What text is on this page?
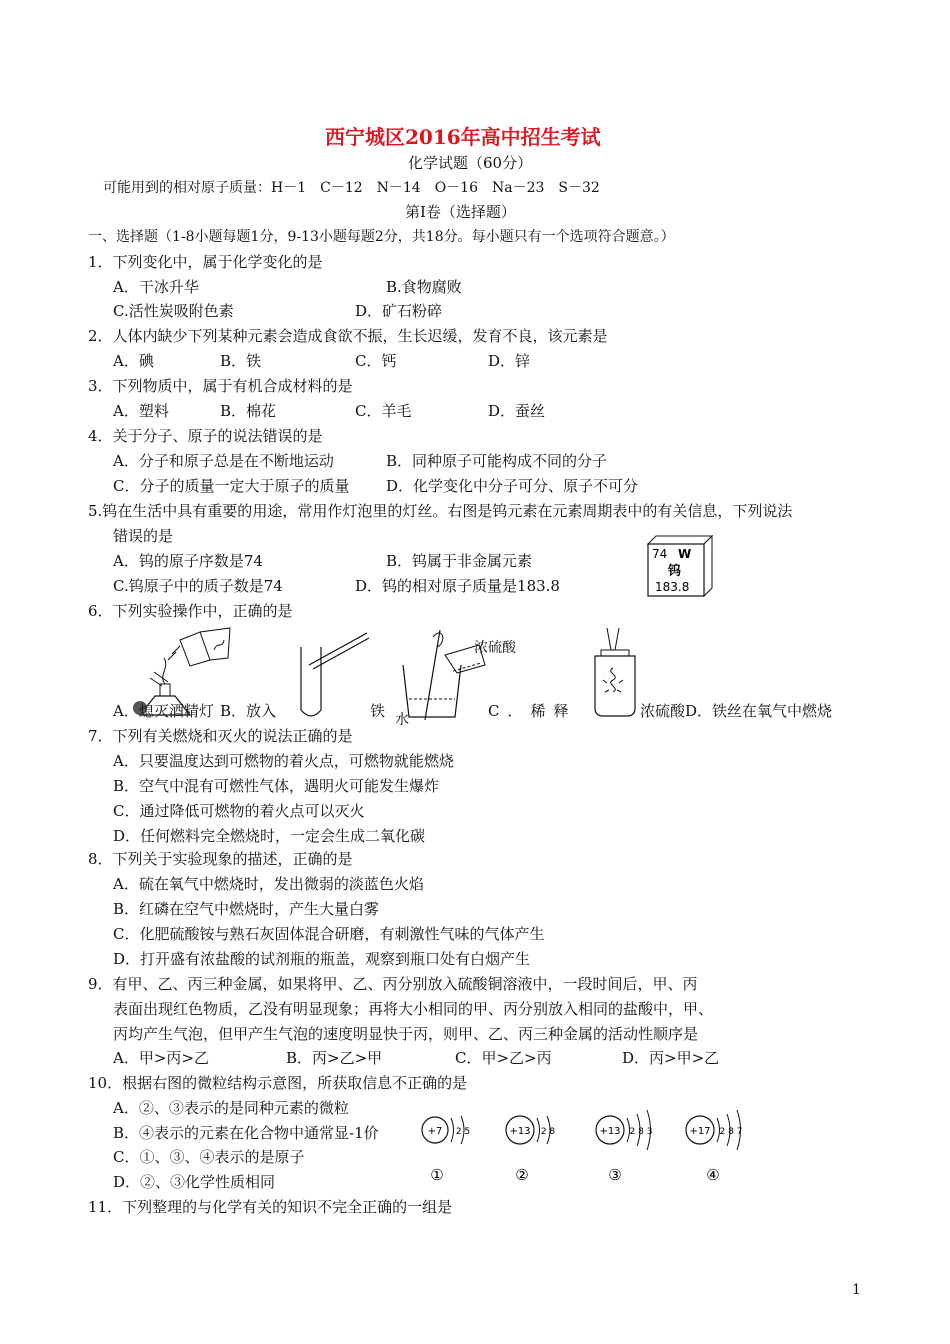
西宁城区2016年高中招生考试
化学试题（60分）
可能用到的相对原子质量：H－1　C－12　N－14　O－16　Na－23　S－32
第Ⅰ卷（选择题）
一、选择题（1-8小题每题1分，9-13小题每题2分，共18分。每小题只有一个选项符合题意。）
1．下列变化中，属于化学变化的是
A．干冰升华	B.食物腐败
C.活性炭吸附色素	D．矿石粉碎
2．人体内缺少下列某种元素会造成食欲不振，生长迟缓，发育不良，该元素是
A．碘	B．铁	C．钙	D．锌
3．下列物质中，属于有机合成材料的是
A．塑料	B．棉花	C．羊毛	D．蚕丝
4．关于分子、原子的说法错误的是
A．分子和原子总是在不断地运动	B．同种原子可能构成不同的分子
C．分子的质量一定大于原子的质量 D．化学变化中分子可分、原子不可分
5.钨在生活中具有重要的用途，常用作灯泡里的灯丝。右图是钨元素在元素周期表中的有关信息，下列说法
错误的是
A．钨的原子序数是74	B．钨属于非金属元素
C.钨原子中的质子数是74	D．钨的相对原子质量是183.8
74 W
钨
183.8
6．下列实验操作中，正确的是
浓硫酸
A．熄灭酒精灯 B．放入	铁 水	C．稀释	浓硫酸D．铁丝在氧气中燃烧
7．下列有关燃烧和灭火的说法正确的是
A．只要温度达到可燃物的着火点，可燃物就能燃烧
B．空气中混有可燃性气体，遇明火可能发生爆炸
C．通过降低可燃物的着火点可以灭火
D．任何燃料完全燃烧时，一定会生成二氧化碳
8．下列关于实验现象的描述，正确的是
A．硫在氧气中燃烧时，发出微弱的淡蓝色火焰
B．红磷在空气中燃烧时，产生大量白雾
C．化肥硫酸铵与熟石灰固体混合研磨，有刺激性气味的气体产生
D．打开盛有浓盐酸的试剂瓶的瓶盖，观察到瓶口处有白烟产生
9．有甲、乙、丙三种金属，如果将甲、乙、丙分别放入硫酸铜溶液中，一段时间后，甲、丙
表面出现红色物质，乙没有明显现象；再将大小相同的甲、丙分别放入相同的盐酸中，甲、
丙均产生气泡，但甲产生气泡的速度明显快于丙，则甲、乙、丙三种金属的活动性顺序是
A．甲>丙>乙	B．丙>乙>甲	C．甲>乙>丙	D．丙>甲>乙
10．根据右图的微粒结构示意图，所获取信息不正确的是
A．②、③表示的是同种元素的微粒
B．④表示的元素在化合物中通常显-1价
C．①、③、④表示的是原子
D．②、③化学性质相同
+7 2 5
①
+13 2 8
②
+13 2 8 3
③
+17 2 8 7
④
11．下列整理的与化学有关的知识不完全正确的一组是
1
